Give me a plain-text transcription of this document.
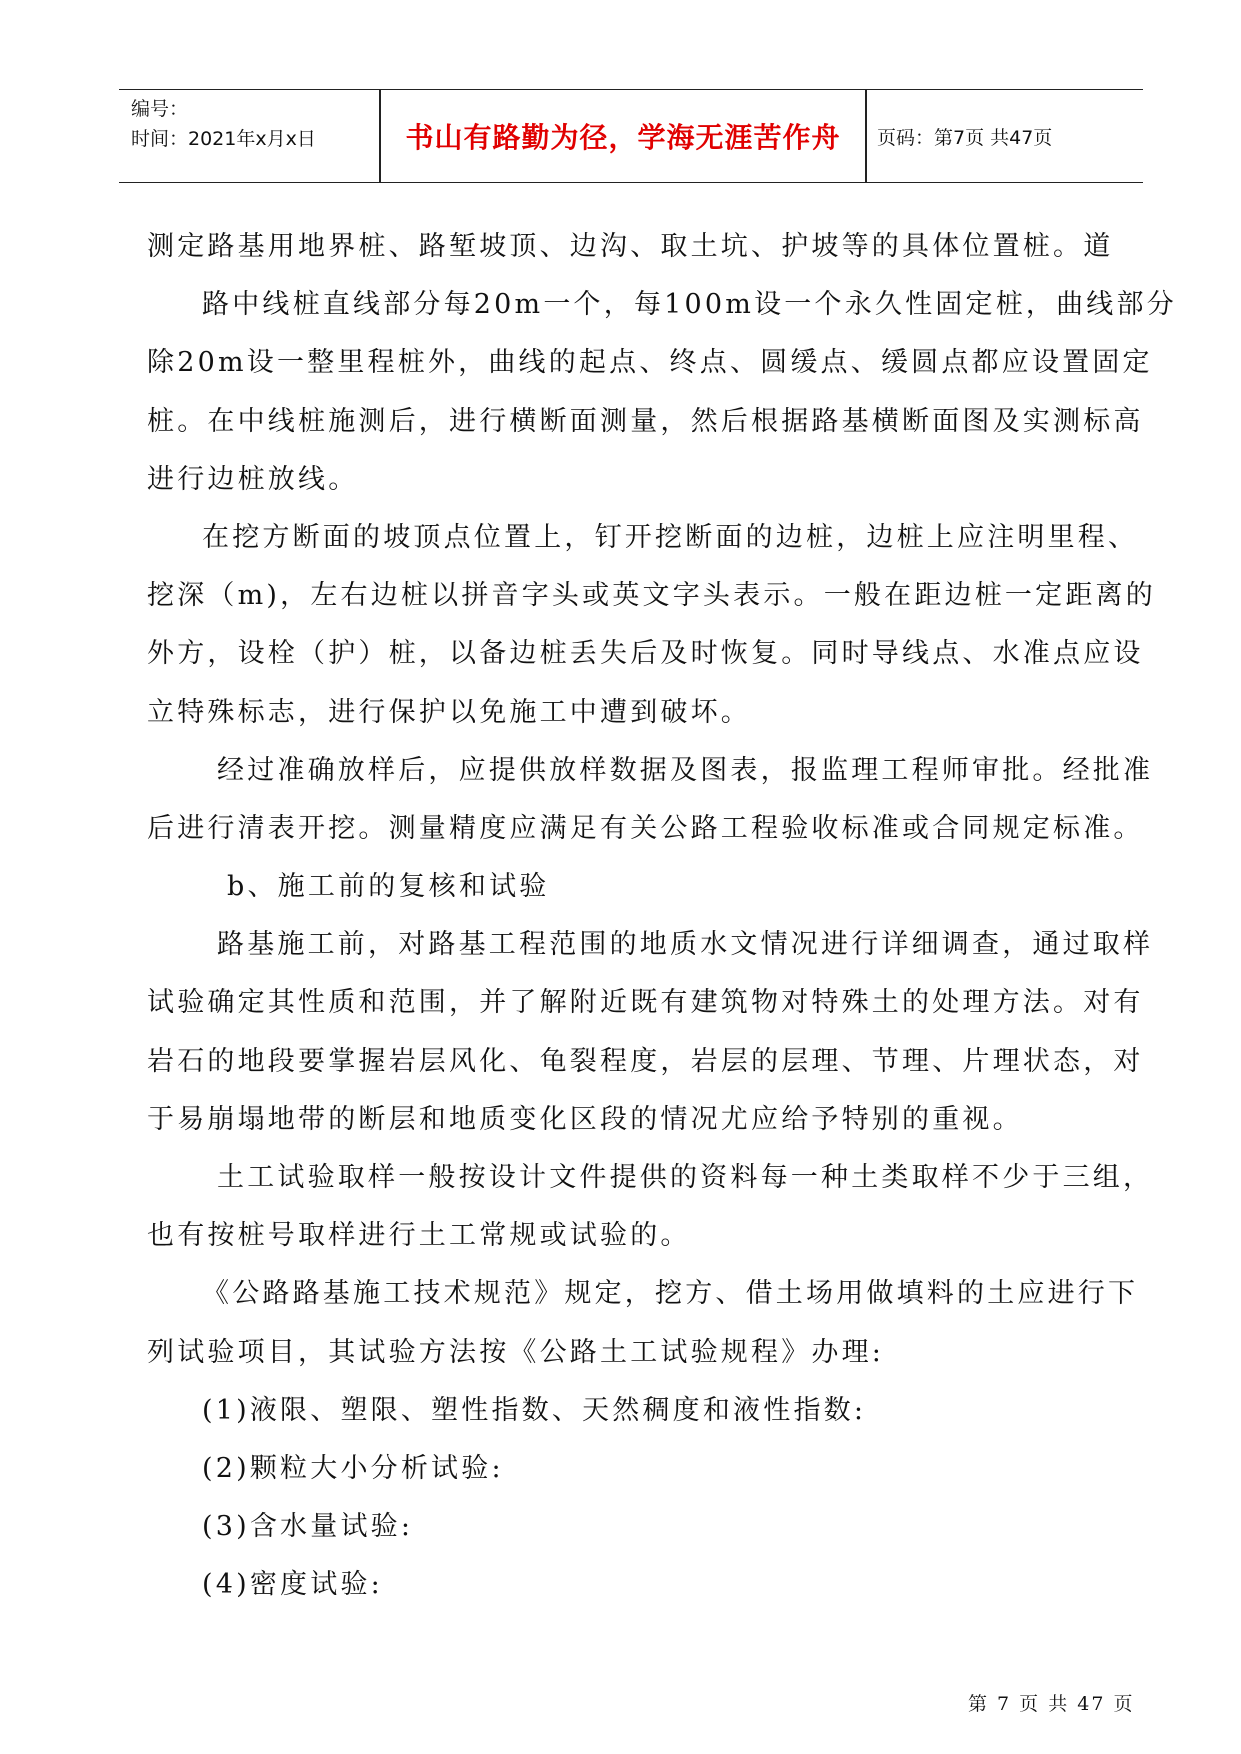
编号：
时间：2021年x月x日	书山有路勤为径，学海无涯苦作舟	页码：第7页 共47页
测定路基用地界桩、路堑坡顶、边沟、取土坑、护坡等的具体位置桩。道
路中线桩直线部分每20m一个，每100m设一个永久性固定桩，曲线部分
除20m设一整里程桩外，曲线的起点、终点、圆缓点、缓圆点都应设置固定
桩。在中线桩施测后，进行横断面测量，然后根据路基横断面图及实测标高
进行边桩放线。
在挖方断面的坡顶点位置上，钉开挖断面的边桩，边桩上应注明里程、
挖深（m)，左右边桩以拼音字头或英文字头表示。一般在距边桩一定距离的
外方，设栓（护）桩，以备边桩丢失后及时恢复。同时导线点、水准点应设
立特殊标志，进行保护以免施工中遭到破坏。
经过准确放样后，应提供放样数据及图表，报监理工程师审批。经批准
后进行清表开挖。测量精度应满足有关公路工程验收标准或合同规定标准。
b、施工前的复核和试验
路基施工前，对路基工程范围的地质水文情况进行详细调查，通过取样
试验确定其性质和范围，并了解附近既有建筑物对特殊土的处理方法。对有
岩石的地段要掌握岩层风化、龟裂程度，岩层的层理、节理、片理状态，对
于易崩塌地带的断层和地质变化区段的情况尤应给予特别的重视。
土工试验取样一般按设计文件提供的资料每一种土类取样不少于三组，
也有按桩号取样进行土工常规或试验的。
《公路路基施工技术规范》规定，挖方、借土场用做填料的土应进行下
列试验项目，其试验方法按《公路土工试验规程》办理:
(1)液限、塑限、塑性指数、天然稠度和液性指数:
(2)颗粒大小分析试验:
(3)含水量试验:
(4)密度试验:
第 7 页 共 47 页
